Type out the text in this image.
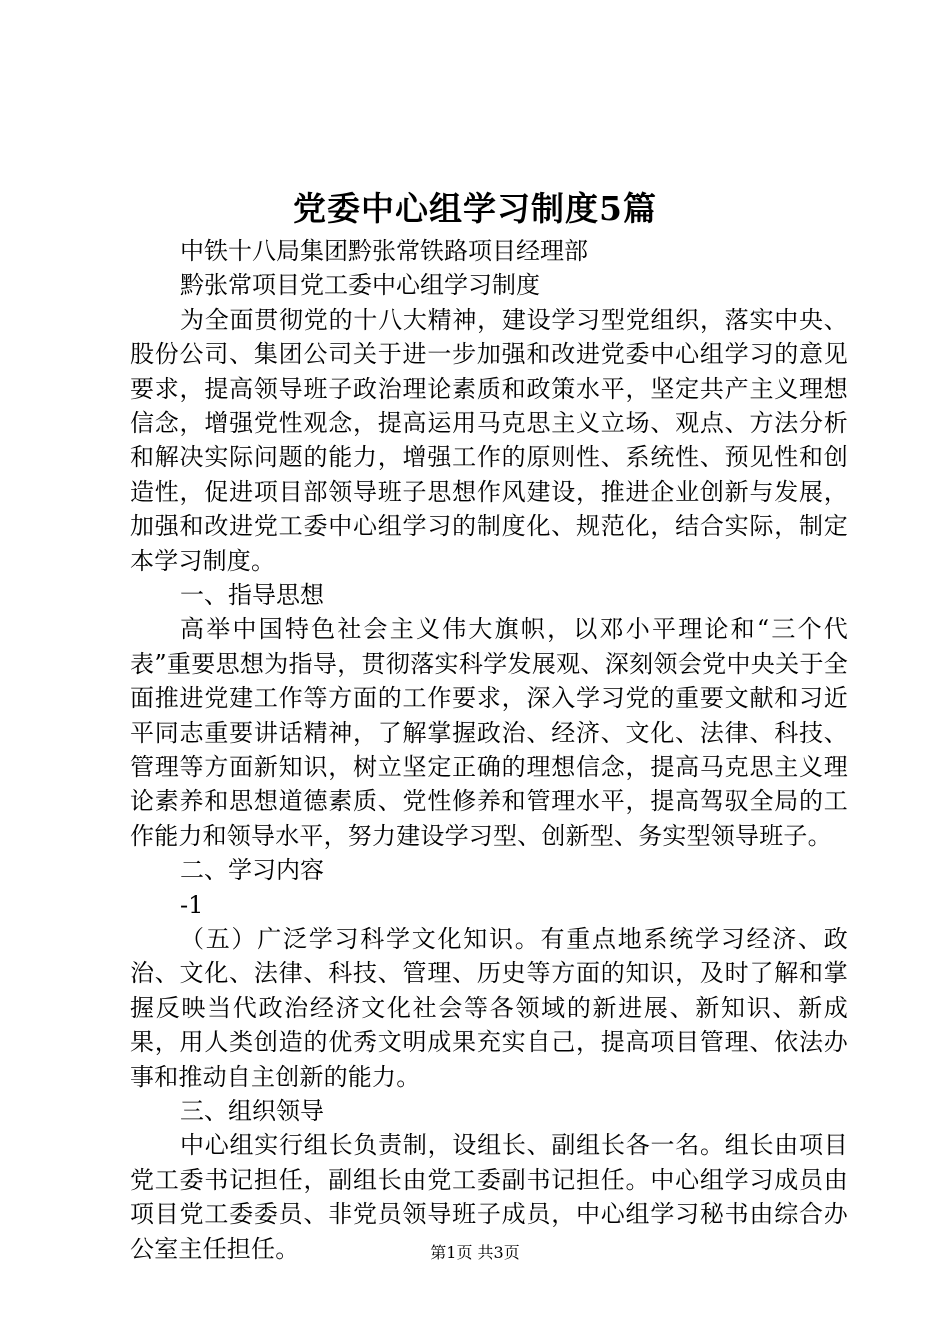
党委中心组学习制度5篇
中铁十八局集团黔张常铁路项目经理部
黔张常项目党工委中心组学习制度
为全面贯彻党的十八大精神，建设学习型党组织，落实中央、股份公司、集团公司关于进一步加强和改进党委中心组学习的意见要求，提高领导班子政治理论素质和政策水平，坚定共产主义理想信念，增强党性观念，提高运用马克思主义立场、观点、方法分析和解决实际问题的能力，增强工作的原则性、系统性、预见性和创造性，促进项目部领导班子思想作风建设，推进企业创新与发展，加强和改进党工委中心组学习的制度化、规范化，结合实际，制定本学习制度。
一、指导思想
高举中国特色社会主义伟大旗帜，以邓小平理论和“三个代表”重要思想为指导，贯彻落实科学发展观、深刻领会党中央关于全面推进党建工作等方面的工作要求，深入学习党的重要文献和习近平同志重要讲话精神，了解掌握政治、经济、文化、法律、科技、管理等方面新知识，树立坚定正确的理想信念，提高马克思主义理论素养和思想道德素质、党性修养和管理水平，提高驾驭全局的工作能力和领导水平，努力建设学习型、创新型、务实型领导班子。
二、学习内容
-1
（五）广泛学习科学文化知识。有重点地系统学习经济、政治、文化、法律、科技、管理、历史等方面的知识，及时了解和掌握反映当代政治经济文化社会等各领域的新进展、新知识、新成果，用人类创造的优秀文明成果充实自己，提高项目管理、依法办事和推动自主创新的能力。
三、组织领导
中心组实行组长负责制，设组长、副组长各一名。组长由项目党工委书记担任，副组长由党工委副书记担任。中心组学习成员由项目党工委委员、非党员领导班子成员，中心组学习秘书由综合办公室主任担任。	第1页 共3页
